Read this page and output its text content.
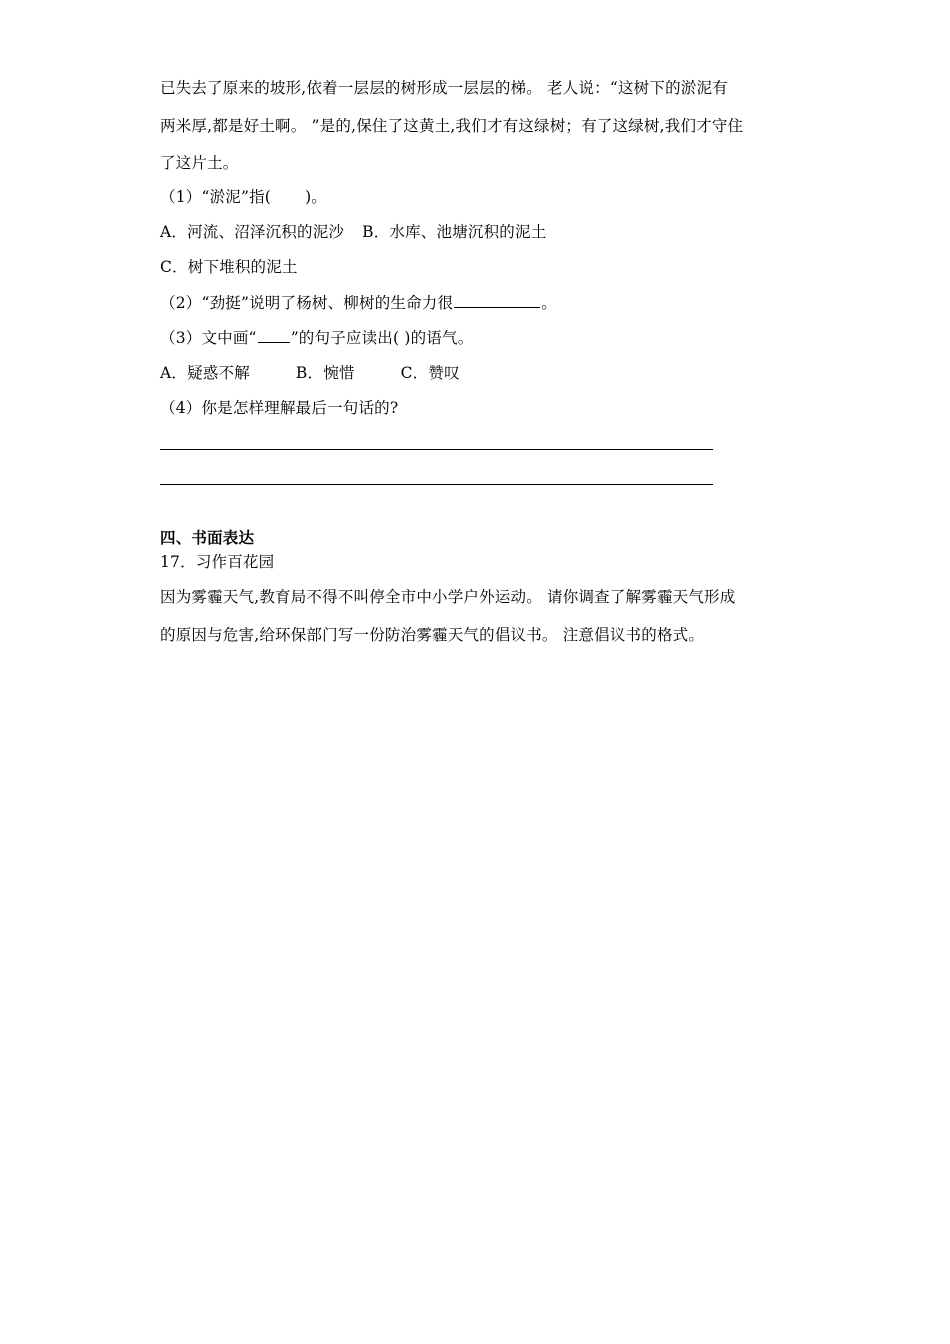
已失去了原来的坡形,依着一层层的树形成一层层的梯。 老人说：“这树下的淤泥有
两米厚,都是好土啊。 ”是的,保住了这黄土,我们才有这绿树；有了这绿树,我们才守住
了这片土。
（1）“淤泥”指( )。
A．河流、沼泽沉积的泥沙 B．水库、池塘沉积的泥土
C．树下堆积的泥土
（2）“劲挺”说明了杨树、柳树的生命力很	。
（3）文中画“ ”的句子应读出( )的语气。
A．疑惑不解	B．惋惜	C．赞叹
（4）你是怎样理解最后一句话的?
四、书面表达
17．习作百花园
因为雾霾天气,教育局不得不叫停全市中小学户外运动。 请你调查了解雾霾天气形成
的原因与危害,给环保部门写一份防治雾霾天气的倡议书。 注意倡议书的格式。
